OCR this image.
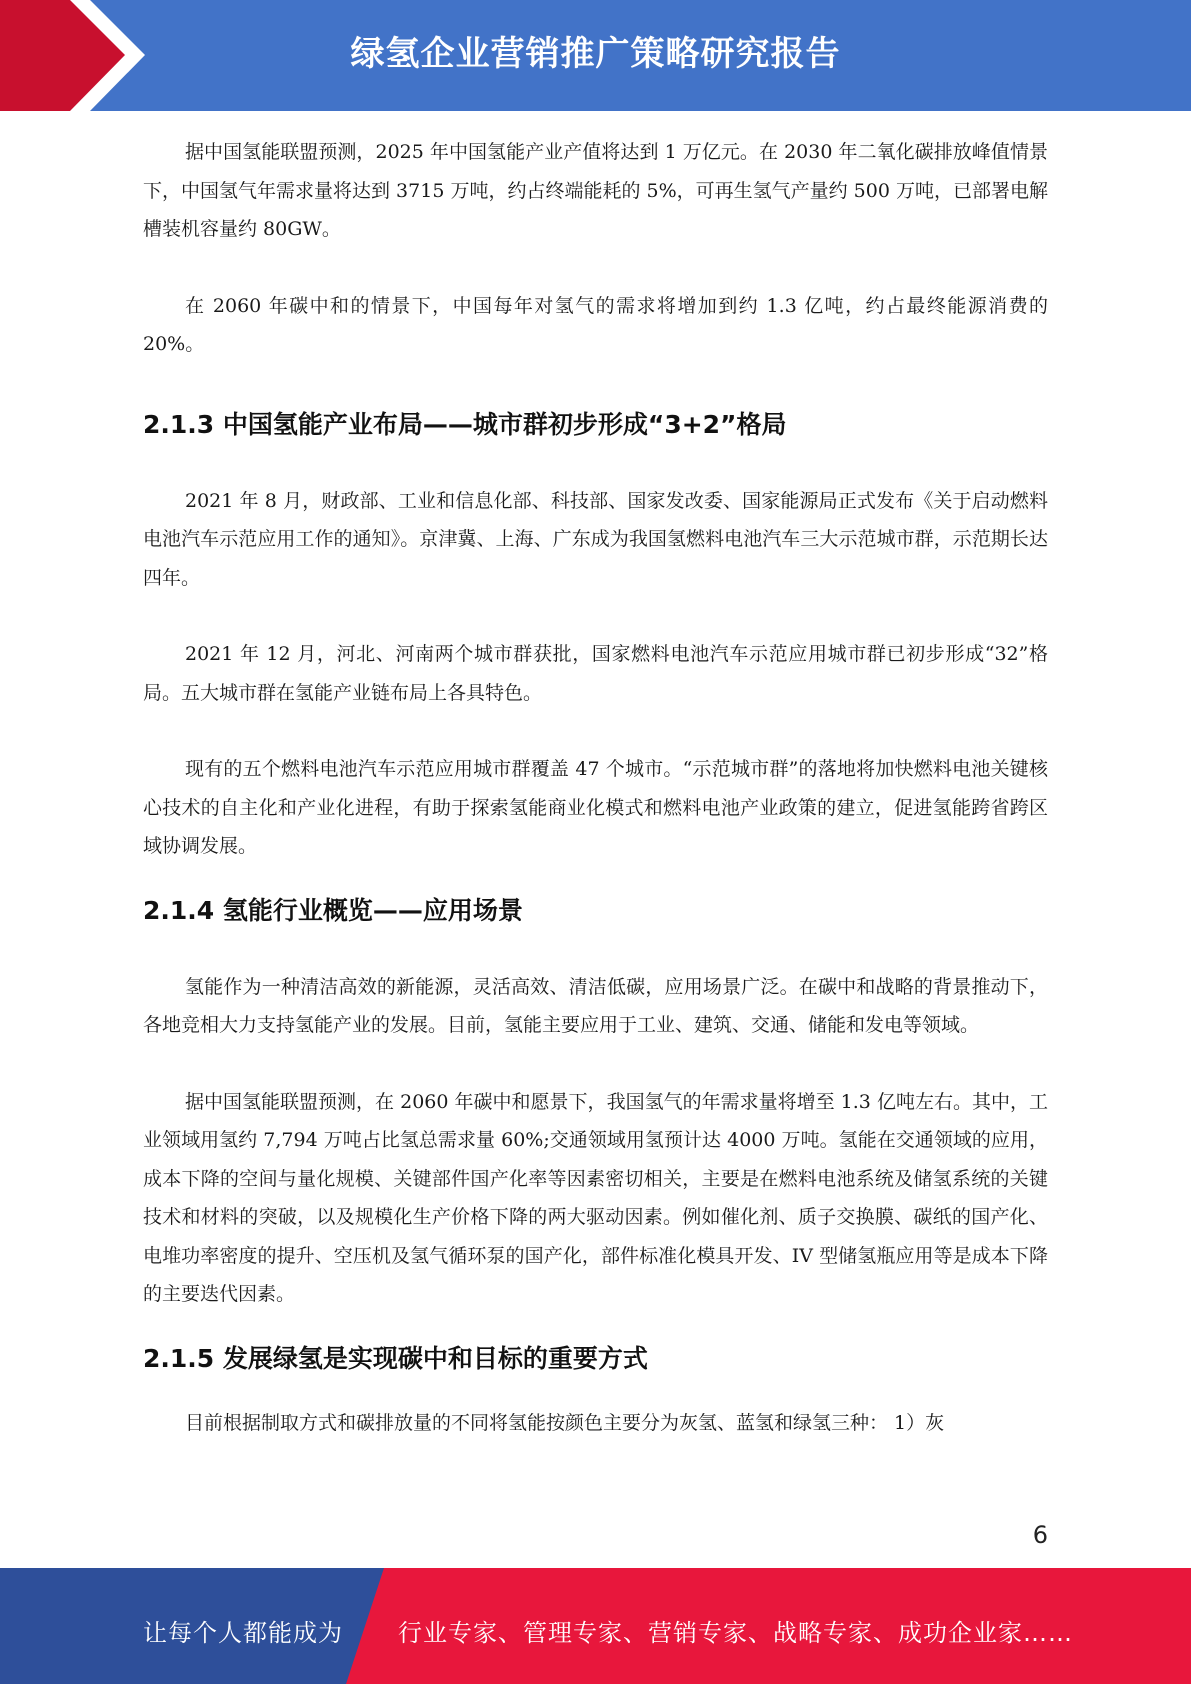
绿氢企业营销推广策略研究报告

据中国氢能联盟预测，2025 年中国氢能产业产值将达到 1 万亿元。在 2030 年二氧化碳排放峰值情景下，中国氢气年需求量将达到 3715 万吨，约占终端能耗的 5%，可再生氢气产量约 500 万吨，已部署电解槽装机容量约 80GW。

在 2060 年碳中和的情景下，中国每年对氢气的需求将增加到约 1.3 亿吨，约占最终能源消费的 20%。

2.1.3 中国氢能产业布局——城市群初步形成“3+2”格局

2021 年 8 月，财政部、工业和信息化部、科技部、国家发改委、国家能源局正式发布《关于启动燃料电池汽车示范应用工作的通知》。京津冀、上海、广东成为我国氢燃料电池汽车三大示范城市群，示范期长达四年。

2021 年 12 月，河北、河南两个城市群获批，国家燃料电池汽车示范应用城市群已初步形成“32”格局。五大城市群在氢能产业链布局上各具特色。

现有的五个燃料电池汽车示范应用城市群覆盖 47 个城市。“示范城市群”的落地将加快燃料电池关键核心技术的自主化和产业化进程，有助于探索氢能商业化模式和燃料电池产业政策的建立，促进氢能跨省跨区域协调发展。

2.1.4 氢能行业概览——应用场景

氢能作为一种清洁高效的新能源，灵活高效、清洁低碳，应用场景广泛。在碳中和战略的背景推动下，各地竞相大力支持氢能产业的发展。目前，氢能主要应用于工业、建筑、交通、储能和发电等领域。

据中国氢能联盟预测，在 2060 年碳中和愿景下，我国氢气的年需求量将增至 1.3 亿吨左右。其中，工业领域用氢约 7,794 万吨占比氢总需求量 60%;交通领域用氢预计达 4000 万吨。氢能在交通领域的应用，成本下降的空间与量化规模、关键部件国产化率等因素密切相关，主要是在燃料电池系统及储氢系统的关键技术和材料的突破，以及规模化生产价格下降的两大驱动因素。例如催化剂、质子交换膜、碳纸的国产化、电堆功率密度的提升、空压机及氢气循环泵的国产化，部件标准化模具开发、IV 型储氢瓶应用等是成本下降的主要迭代因素。

2.1.5 发展绿氢是实现碳中和目标的重要方式

目前根据制取方式和碳排放量的不同将氢能按颜色主要分为灰氢、蓝氢和绿氢三种： 1）灰

6
让每个人都能成为 行业专家、管理专家、营销专家、战略专家、成功企业家……
